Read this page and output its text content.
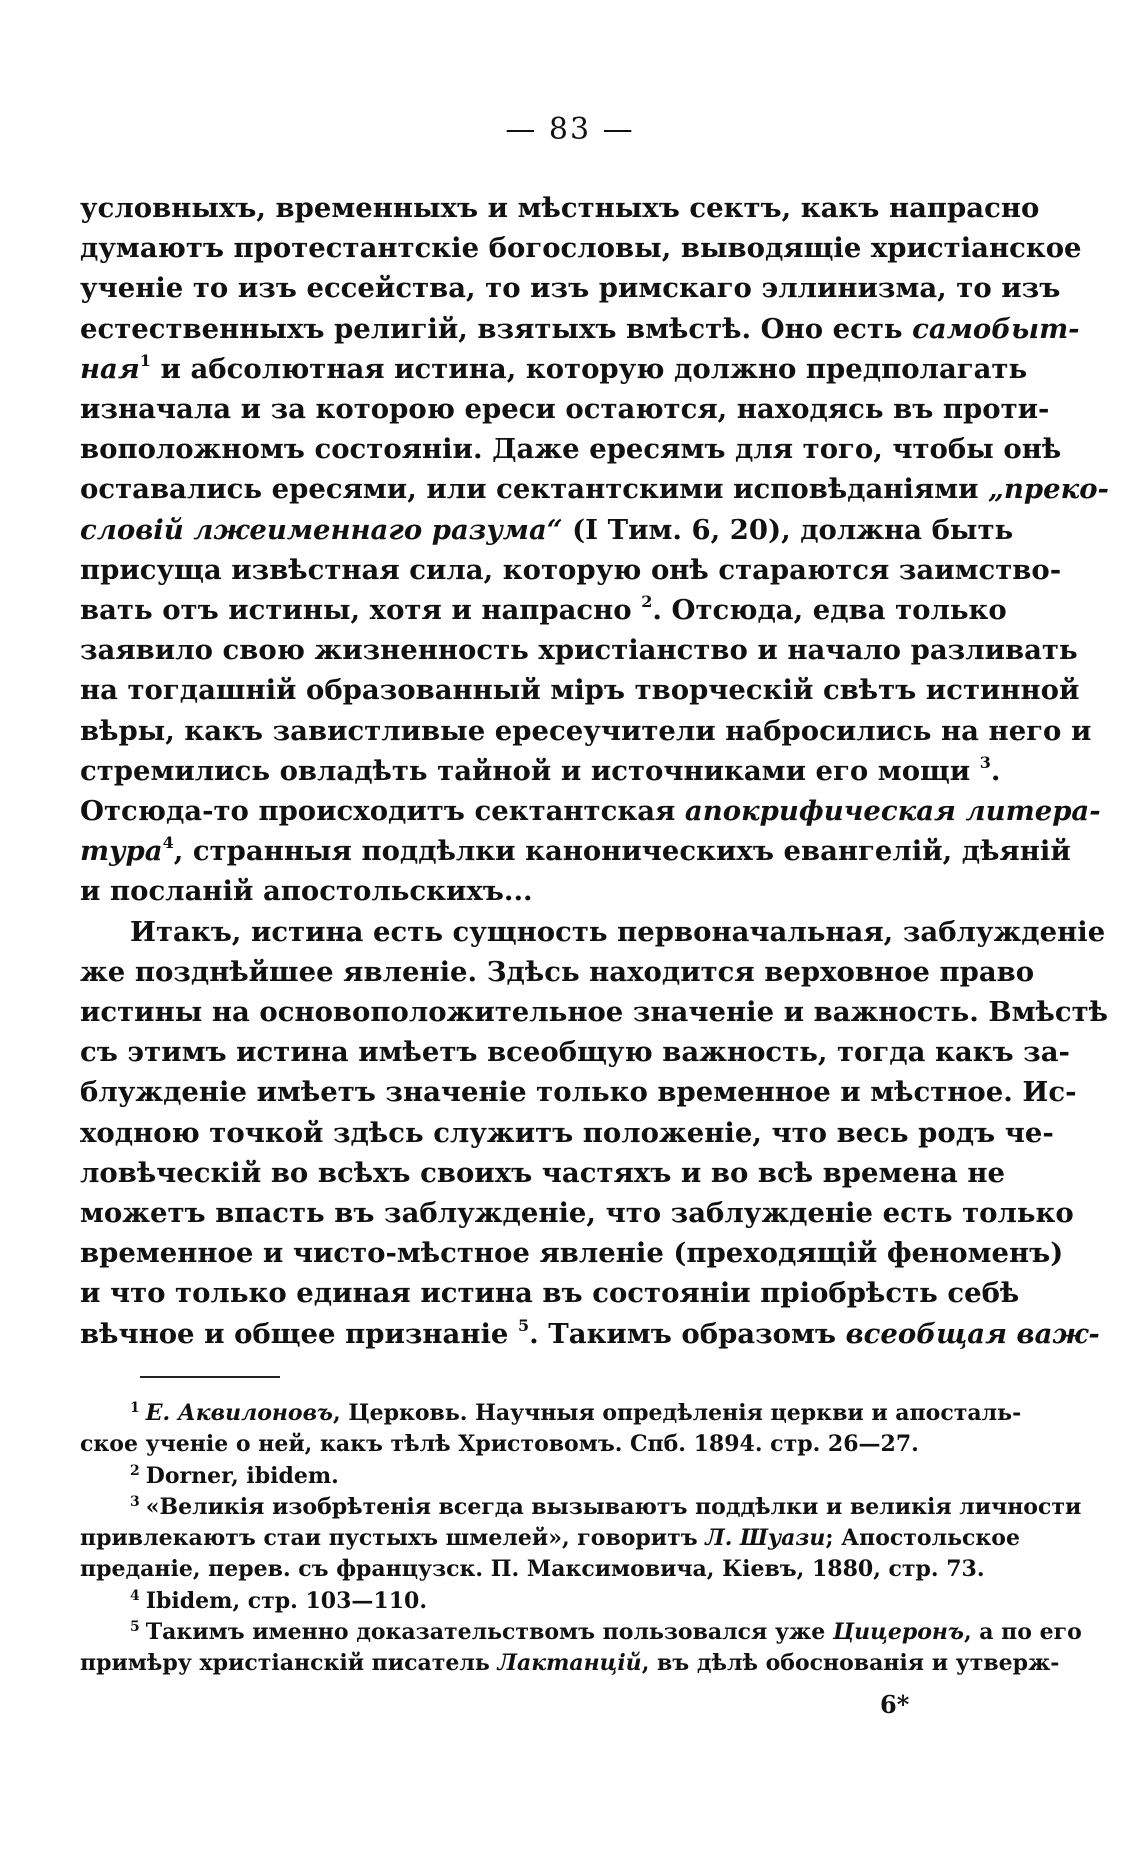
— 83 —
условныхъ, временныхъ и мѣстныхъ сектъ, какъ напрасно
думаютъ протестантскіе богословы, выводящіе христіанское
ученіе то изъ ессейства, то изъ римскаго эллинизма, то изъ
естественныхъ религій, взятыхъ вмѣстѣ. Оно есть самобыт-
ная$^1$ и абсолютная истина, которую должно предполагать
изначала и за которою ереси остаются, находясь въ проти-
воположномъ состояніи. Даже ересямъ для того, чтобы онѣ
оставались ересями, или сектантскими исповѣданіями „преко-
словій лжеименнаго разума“ (I Тим. 6, 20), должна быть
присуща извѣстная сила, которую онѣ стараются заимство-
вать отъ истины, хотя и напрасно $^2$. Отсюда, едва только
заявило свою жизненность христіанство и начало разливать
на тогдашній образованный міръ творческій свѣтъ истинной
вѣры, какъ завистливые ересеучители набросились на него и
стремились овладѣть тайной и источниками его мощи $^3$.
Отсюда-то происходитъ сектантская апокрифическая литера-
тура$^4$, странныя поддѣлки каноническихъ евангелій, дѣяній
и посланій апостольскихъ...
Итакъ, истина есть сущность первоначальная, заблужденіе
же позднѣйшее явленіе. Здѣсь находится верховное право
истины на основоположительное значеніе и важность. Вмѣстѣ
съ этимъ истина имѣетъ всеобщую важность, тогда какъ за-
блужденіе имѣетъ значеніе только временное и мѣстное. Ис-
ходною точкой здѣсь служитъ положеніе, что весь родъ че-
ловѣческій во всѣхъ своихъ частяхъ и во всѣ времена не
можетъ впасть въ заблужденіе, что заблужденіе есть только
временное и чисто-мѣстное явленіе (преходящій феноменъ)
и что только единая истина въ состояніи пріобрѣсть себѣ
вѣчное и общее признаніе $^5$. Такимъ образомъ всеобщая важ-
$^1$ Е. Аквилоновъ, Церковь. Научныя опредѣленія церкви и апосталь-
ское ученіе о ней, какъ тѣлѣ Христовомъ. Спб. 1894. стр. 26—27.
$^2$ Dorner, ibidem.
$^3$ «Великія изобрѣтенія всегда вызываютъ поддѣлки и великія личности
привлекаютъ стаи пустыхъ шмелей», говоритъ Л. Шуази; Апостольское
преданіе, перев. съ французск. П. Максимовича, Кіевъ, 1880, стр. 73.
$^4$ Ibidem, стр. 103—110.
$^5$ Такимъ именно доказательствомъ пользовался уже Цицеронъ, а по его
примѣру христіанскій писатель Лактанцій, въ дѣлѣ обоснованія и утверж-
6*
